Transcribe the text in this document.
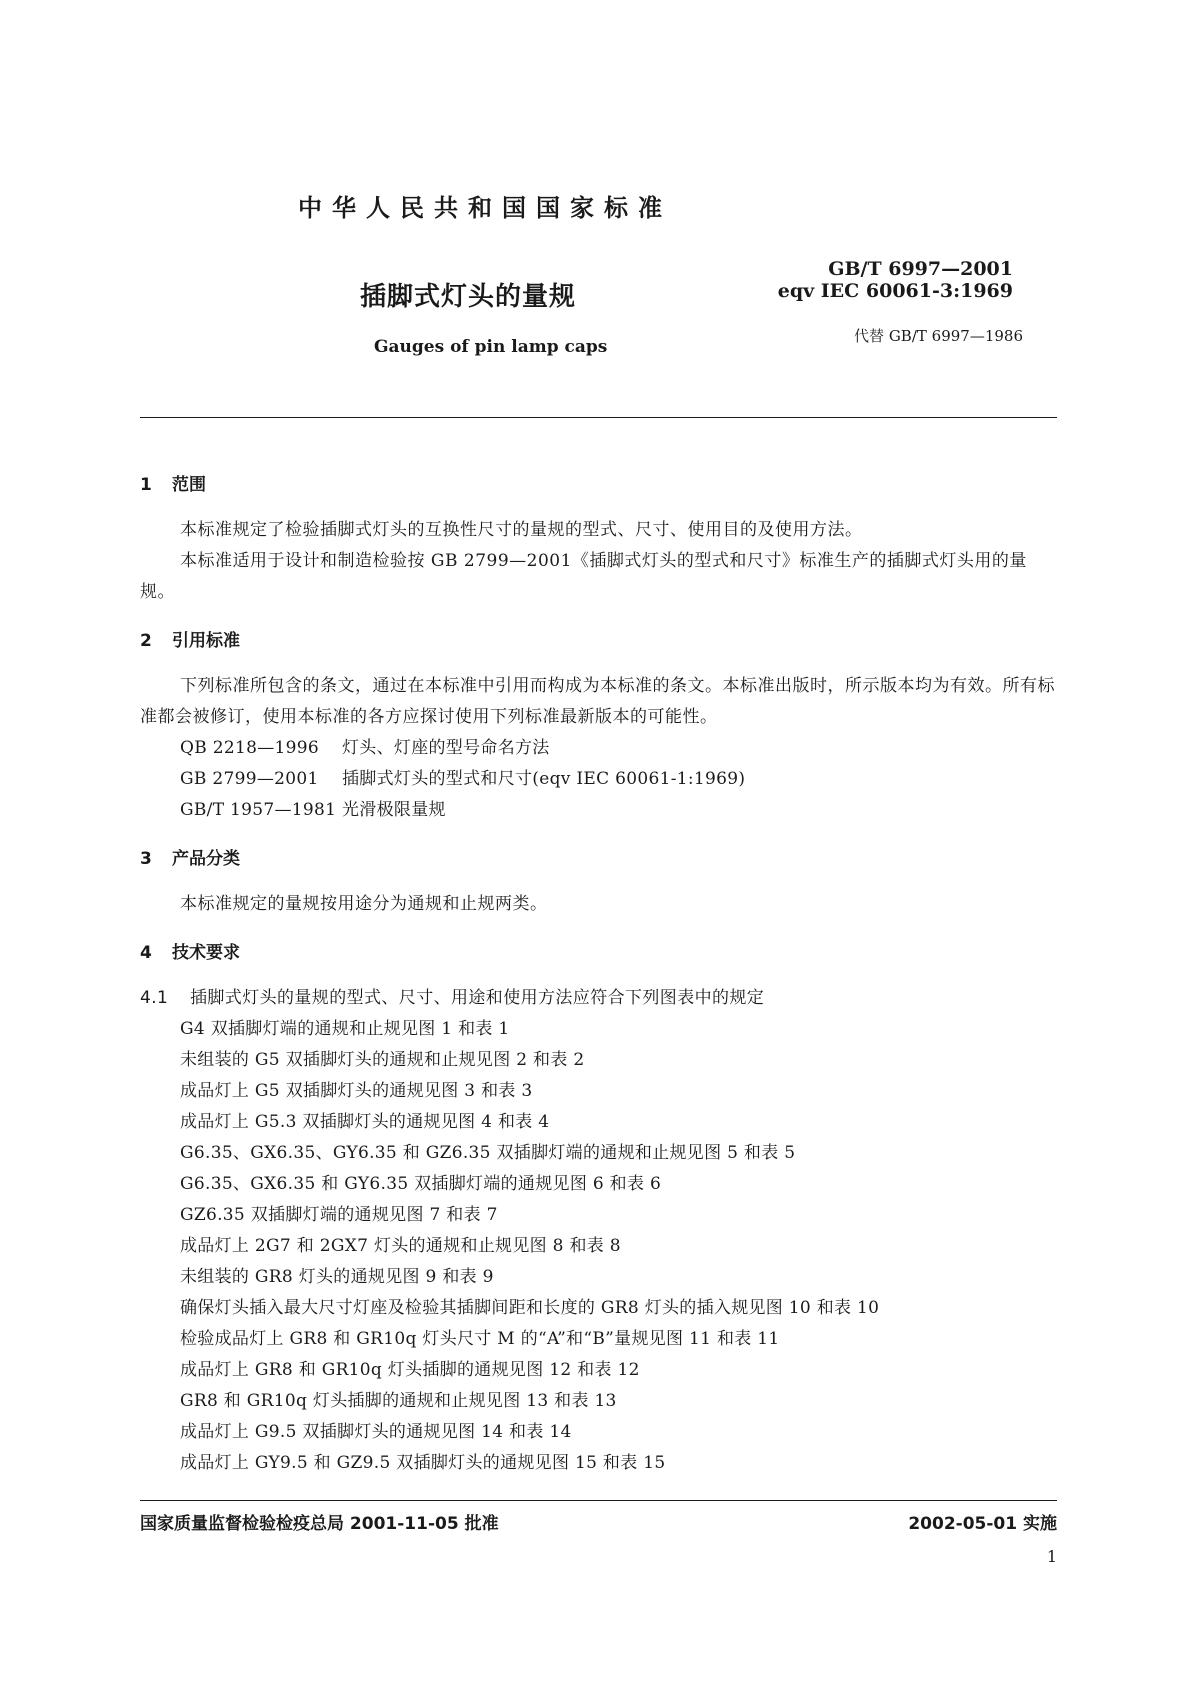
中华人民共和国国家标准
插脚式灯头的量规
Gauges of pin lamp caps
GB/T 6997—2001
eqv IEC 60061-3:1969
代替 GB/T 6997—1986
1 范围

本标准规定了检验插脚式灯头的互换性尺寸的量规的型式、尺寸、使用目的及使用方法。

本标准适用于设计和制造检验按 GB 2799—2001《插脚式灯头的型式和尺寸》标准生产的插脚式灯头用的量规。

2 引用标准

下列标准所包含的条文，通过在本标准中引用而构成为本标准的条文。本标准出版时，所示版本均为有效。所有标准都会被修订，使用本标准的各方应探讨使用下列标准最新版本的可能性。

QB 2218—1996 灯头、灯座的型号命名方法

GB 2799—2001 插脚式灯头的型式和尺寸(eqv IEC 60061-1:1969)

GB/T 1957—1981 光滑极限量规

3 产品分类

本标准规定的量规按用途分为通规和止规两类。

4 技术要求

4.1 插脚式灯头的量规的型式、尺寸、用途和使用方法应符合下列图表中的规定

G4 双插脚灯端的通规和止规见图 1 和表 1

未组装的 G5 双插脚灯头的通规和止规见图 2 和表 2

成品灯上 G5 双插脚灯头的通规见图 3 和表 3

成品灯上 G5.3 双插脚灯头的通规见图 4 和表 4

G6.35、GX6.35、GY6.35 和 GZ6.35 双插脚灯端的通规和止规见图 5 和表 5

G6.35、GX6.35 和 GY6.35 双插脚灯端的通规见图 6 和表 6

GZ6.35 双插脚灯端的通规见图 7 和表 7

成品灯上 2G7 和 2GX7 灯头的通规和止规见图 8 和表 8

未组装的 GR8 灯头的通规见图 9 和表 9

确保灯头插入最大尺寸灯座及检验其插脚间距和长度的 GR8 灯头的插入规见图 10 和表 10

检验成品灯上 GR8 和 GR10q 灯头尺寸 M 的“A”和“B”量规见图 11 和表 11

成品灯上 GR8 和 GR10q 灯头插脚的通规见图 12 和表 12

GR8 和 GR10q 灯头插脚的通规和止规见图 13 和表 13

成品灯上 G9.5 双插脚灯头的通规见图 14 和表 14

成品灯上 GY9.5 和 GZ9.5 双插脚灯头的通规见图 15 和表 15

国家质量监督检验检疫总局 2001-11-05 批准	2002-05-01 实施
1
